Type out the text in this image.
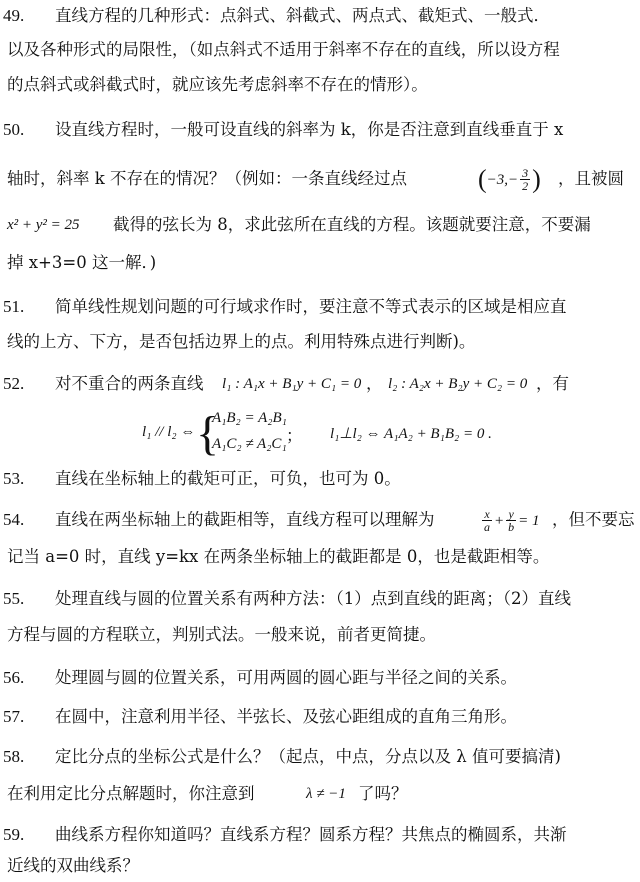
49.	直线方程的几种形式：点斜式、斜截式、两点式、截矩式、一般式．
以及各种形式的局限性，（如点斜式不适用于斜率不存在的直线，所以设方程
的点斜式或斜截式时，就应该先考虑斜率不存在的情形）。
50.	设直线方程时，一般可设直线的斜率为 k，你是否注意到直线垂直于 x
轴时，斜率 k 不存在的情况？（例如：一条直线经过点	($-3,- \frac{3}{2}$ ) ，且被圆
x² + y² = 25 截得的弦长为 8，求此弦所在直线的方程。该题就要注意，不要漏
掉 x+3=0 这一解．)
51.	简单线性规划问题的可行域求作时，要注意不等式表示的区域是相应直
线的上方、下方，是否包括边界上的点。利用特殊点进行判断)。
52.	对不重合的两条直线 l₁ : A₁x + B₁y + C₁ = 0 ， l₂ : A₂x + B₂y + C₂ = 0 ，有
l₁ // l₂ ⇔ {
A₁B₂ = A₂B₁
A₁C₂ ≠ A₂C₁ ； l₁⊥l₂ ⇔ A₁A₂ + B₁B₂ = 0 .
53.	直线在坐标轴上的截矩可正，可负，也可为 0。
54.	直线在两坐标轴上的截距相等，直线方程可以理解为	$\frac{x}{a} + \frac{y}{b} = 1$ ，但不要忘
记当 a=0 时，直线 y=kx 在两条坐标轴上的截距都是 0，也是截距相等。
55.	处理直线与圆的位置关系有两种方法：（1）点到直线的距离；（2）直线
方程与圆的方程联立，判别式法。一般来说，前者更简捷。
56.	处理圆与圆的位置关系，可用两圆的圆心距与半径之间的关系。
57.	在圆中，注意利用半径、半弦长、及弦心距组成的直角三角形。
58.	定比分点的坐标公式是什么？（起点，中点，分点以及 λ 值可要搞清)
在利用定比分点解题时，你注意到	λ ≠ −1 了吗？
59.	曲线系方程你知道吗？直线系方程？圆系方程？共焦点的椭圆系，共渐
近线的双曲线系？
